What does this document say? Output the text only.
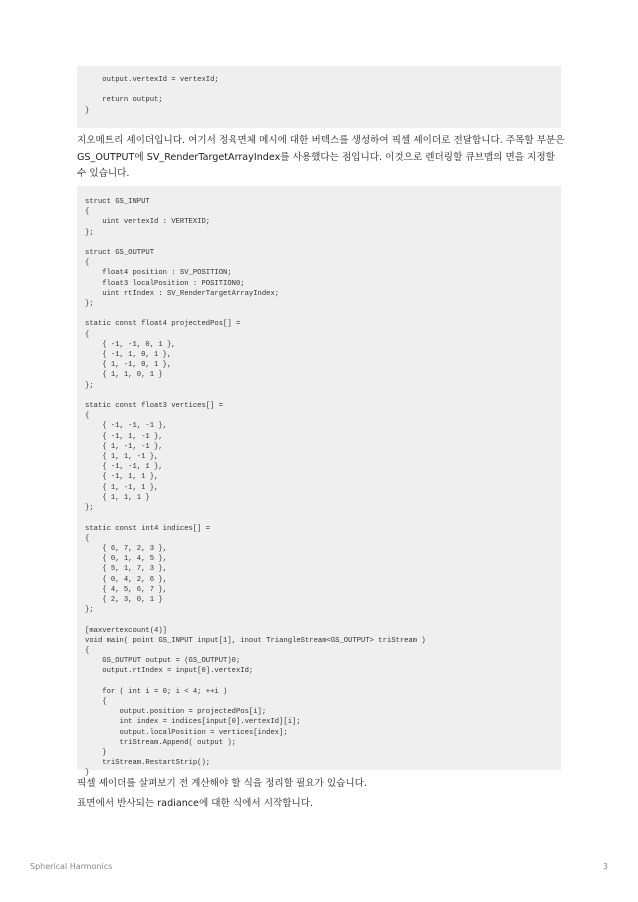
output.vertexId = vertexId;

return output;
}

지오메트리 셰이더입니다. 여기서 정육면체 메시에 대한 버텍스를 생성하여 픽셀 셰이더로 전달합니다. 주목할 부분은 GS_OUTPUT에 SV_RenderTargetArrayIndex를 사용했다는 점입니다. 이것으로 렌더링할 큐브맵의 면을 지정할 수 있습니다.

struct GS_INPUT
{
uint vertexId : VERTEXID;
};

struct GS_OUTPUT
{
float4 position : SV_POSITION;
float3 localPosition : POSITION0;
uint rtIndex : SV_RenderTargetArrayIndex;
};

static const float4 projectedPos[] =
{
{ -1, -1, 0, 1 },
{ -1, 1, 0, 1 },
{ 1, -1, 0, 1 },
{ 1, 1, 0, 1 }
};

static const float3 vertices[] =
{
{ -1, -1, -1 },
{ -1, 1, -1 },
{ 1, -1, -1 },
{ 1, 1, -1 },
{ -1, -1, 1 },
{ -1, 1, 1 },
{ 1, -1, 1 },
{ 1, 1, 1 }
};

static const int4 indices[] =
{
{ 6, 7, 2, 3 },
{ 0, 1, 4, 5 },
{ 5, 1, 7, 3 },
{ 0, 4, 2, 6 },
{ 4, 5, 6, 7 },
{ 2, 3, 0, 1 }
};

[maxvertexcount(4)]
void main( point GS_INPUT input[1], inout TriangleStream<GS_OUTPUT> triStream )
{
GS_OUTPUT output = (GS_OUTPUT)0;
output.rtIndex = input[0].vertexId;

for ( int i = 0; i < 4; ++i )
{
output.position = projectedPos[i];
int index = indices[input[0].vertexId][i];
output.localPosition = vertices[index];
triStream.Append( output );
}
triStream.RestartStrip();
}

픽셀 셰이더를 살펴보기 전 계산해야 할 식을 정리할 필요가 있습니다.

표면에서 반사되는 radiance에 대한 식에서 시작합니다.

Spherical Harmonics	3
